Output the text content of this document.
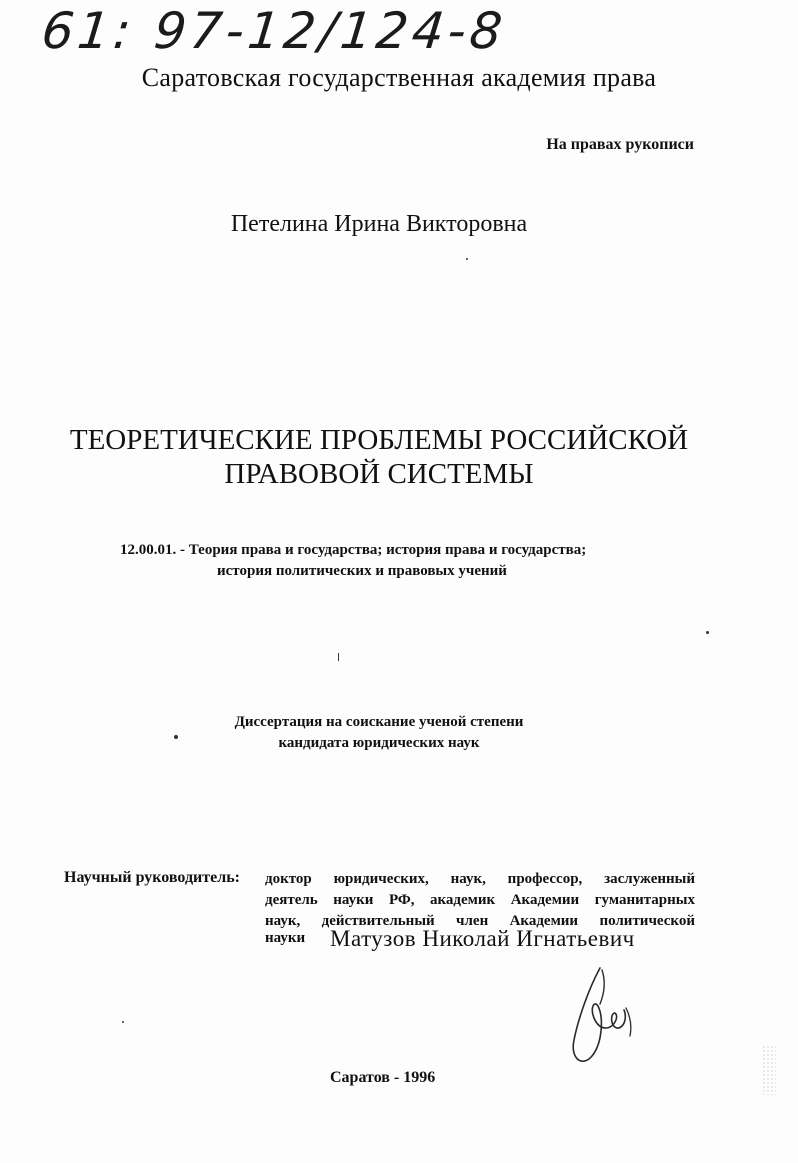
61: 97-12/124-8
Саратовская государственная академия права
На правах рукописи
Петелина Ирина Викторовна
ТЕОРЕТИЧЕСКИЕ ПРОБЛЕМЫ РОССИЙСКОЙ
ПРАВОВОЙ СИСТЕМЫ
12.00.01. - Теория права и государства; история права и государства;
история политических и правовых учений
Диссертация на соискание ученой степени
кандидата юридических наук
Научный руководитель: доктор юридических, наук, профессор, заслуженный
деятель науки РФ, академик Академии гуманитарных
наук, действительный член Академии политической
науки Матузов Николай Игнатьевич
Саратов - 1996
